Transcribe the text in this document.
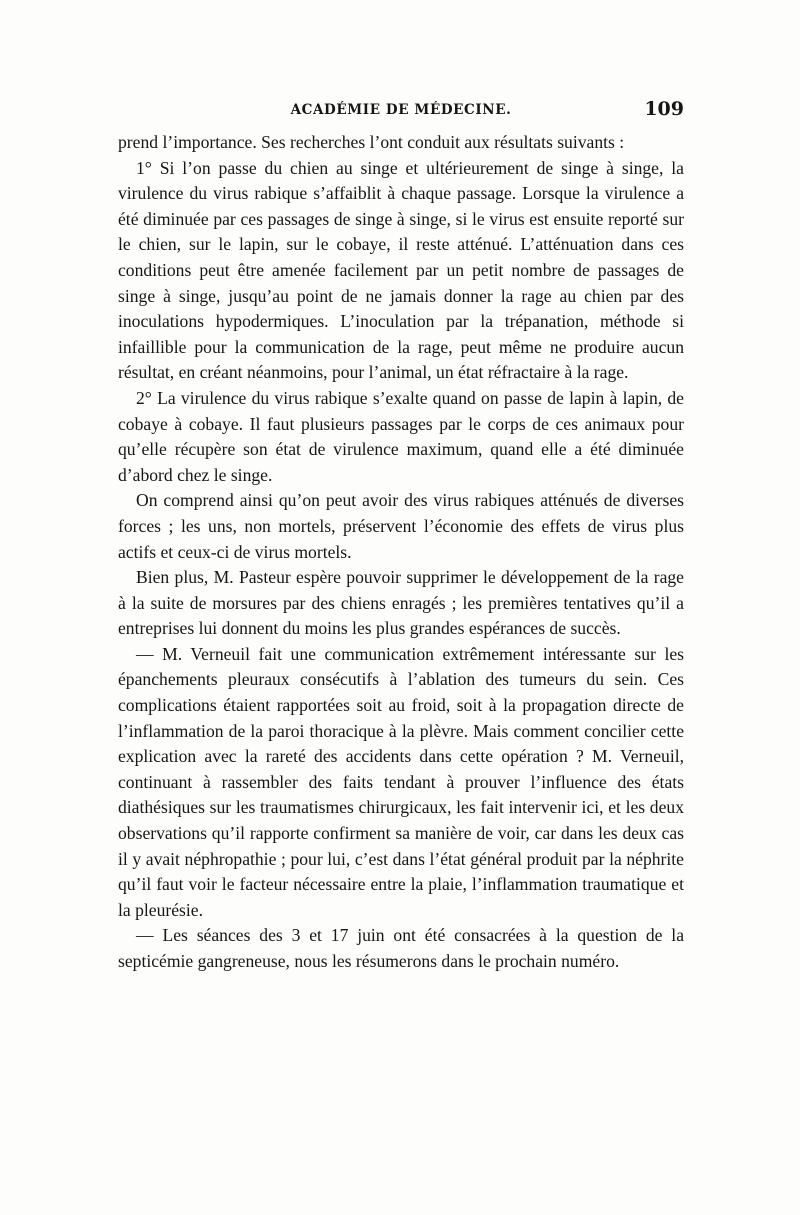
ACADÉMIE DE MÉDECINE.	109

prend l’importance. Ses recherches l’ont conduit aux résultats suivants :

1° Si l’on passe du chien au singe et ultérieurement de singe à singe, la virulence du virus rabique s’affaiblit à chaque passage. Lorsque la virulence a été diminuée par ces passages de singe à singe, si le virus est ensuite reporté sur le chien, sur le lapin, sur le cobaye, il reste atténué. L’atténuation dans ces conditions peut être amenée facilement par un petit nombre de passages de singe à singe, jusqu’au point de ne jamais donner la rage au chien par des inoculations hypodermiques. L’inoculation par la trépanation, méthode si infaillible pour la communication de la rage, peut même ne produire aucun résultat, en créant néanmoins, pour l’animal, un état réfractaire à la rage.

2° La virulence du virus rabique s’exalte quand on passe de lapin à lapin, de cobaye à cobaye. Il faut plusieurs passages par le corps de ces animaux pour qu’elle récupère son état de virulence maximum, quand elle a été diminuée d’abord chez le singe.

On comprend ainsi qu’on peut avoir des virus rabiques atténués de diverses forces ; les uns, non mortels, préservent l’économie des effets de virus plus actifs et ceux-ci de virus mortels.

Bien plus, M. Pasteur espère pouvoir supprimer le développement de la rage à la suite de morsures par des chiens enragés ; les premières tentatives qu’il a entreprises lui donnent du moins les plus grandes espérances de succès.

— M. Verneuil fait une communication extrêmement intéressante sur les épanchements pleuraux consécutifs à l’ablation des tumeurs du sein. Ces complications étaient rapportées soit au froid, soit à la propagation directe de l’inflammation de la paroi thoracique à la plèvre. Mais comment concilier cette explication avec la rareté des accidents dans cette opération ? M. Verneuil, continuant à rassembler des faits tendant à prouver l’influence des états diathésiques sur les traumatismes chirurgicaux, les fait intervenir ici, et les deux observations qu’il rapporte confirment sa manière de voir, car dans les deux cas il y avait néphropathie ; pour lui, c’est dans l’état général produit par la néphrite qu’il faut voir le facteur nécessaire entre la plaie, l’inflammation traumatique et la pleurésie.

— Les séances des 3 et 17 juin ont été consacrées à la question de la septicémie gangreneuse, nous les résumerons dans le prochain numéro.
